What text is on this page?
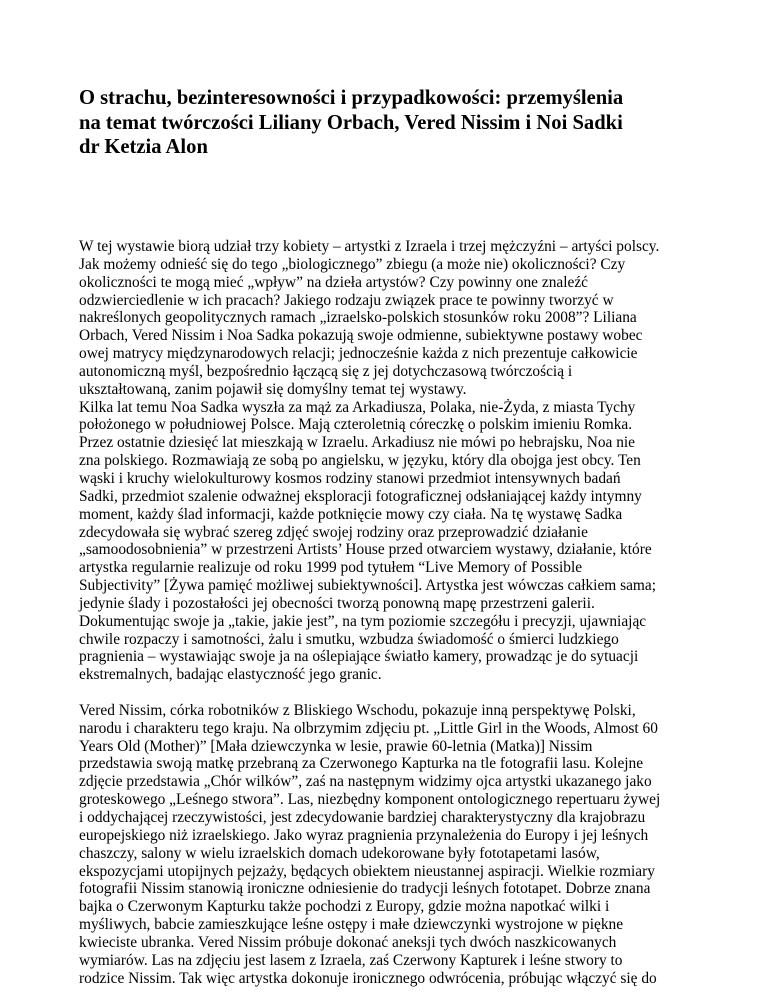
O strachu, bezinteresowności i przypadkowości: przemyślenia
na temat twórczości Liliany Orbach, Vered Nissim i Noi Sadki
dr Ketzia Alon

W tej wystawie biorą udział trzy kobiety – artystki z Izraela i trzej mężczyźni – artyści polscy.
Jak możemy odnieść się do tego „biologicznego” zbiegu (a może nie) okoliczności? Czy
okoliczności te mogą mieć „wpływ” na dzieła artystów? Czy powinny one znaleźć
odzwierciedlenie w ich pracach? Jakiego rodzaju związek prace te powinny tworzyć w
nakreślonych geopolitycznych ramach „izraelsko-polskich stosunków roku 2008”? Liliana
Orbach, Vered Nissim i Noa Sadka pokazują swoje odmienne, subiektywne postawy wobec
owej matrycy międzynarodowych relacji; jednocześnie każda z nich prezentuje całkowicie
autonomiczną myśl, bezpośrednio łączącą się z jej dotychczasową twórczością i
ukształtowaną, zanim pojawił się domyślny temat tej wystawy.

Kilka lat temu Noa Sadka wyszła za mąż za Arkadiusza, Polaka, nie-Żyda, z miasta Tychy
położonego w południowej Polsce. Mają czteroletnią córeczkę o polskim imieniu Romka.
Przez ostatnie dziesięć lat mieszkają w Izraelu. Arkadiusz nie mówi po hebrajsku, Noa nie
zna polskiego. Rozmawiają ze sobą po angielsku, w języku, który dla obojga jest obcy. Ten
wąski i kruchy wielokulturowy kosmos rodziny stanowi przedmiot intensywnych badań
Sadki, przedmiot szalenie odważnej eksploracji fotograficznej odsłaniającej każdy intymny
moment, każdy ślad informacji, każde potknięcie mowy czy ciała. Na tę wystawę Sadka
zdecydowała się wybrać szereg zdjęć swojej rodziny oraz przeprowadzić działanie
„samoodosobnienia” w przestrzeni Artists’ House przed otwarciem wystawy, działanie, które
artystka regularnie realizuje od roku 1999 pod tytułem “Live Memory of Possible
Subjectivity” [Żywa pamięć możliwej subiektywności]. Artystka jest wówczas całkiem sama;
jedynie ślady i pozostałości jej obecności tworzą ponowną mapę przestrzeni galerii.
Dokumentując swoje ja „takie, jakie jest”, na tym poziomie szczegółu i precyzji, ujawniając
chwile rozpaczy i samotności, żalu i smutku, wzbudza świadomość o śmierci ludzkiego
pragnienia – wystawiając swoje ja na oślepiające światło kamery, prowadząc je do sytuacji
ekstremalnych, badając elastyczność jego granic.

Vered Nissim, córka robotników z Bliskiego Wschodu, pokazuje inną perspektywę Polski,
narodu i charakteru tego kraju. Na olbrzymim zdjęciu pt. „Little Girl in the Woods, Almost 60
Years Old (Mother)” [Mała dziewczynka w lesie, prawie 60-letnia (Matka)] Nissim
przedstawia swoją matkę przebraną za Czerwonego Kapturka na tle fotografii lasu. Kolejne
zdjęcie przedstawia „Chór wilków”, zaś na następnym widzimy ojca artystki ukazanego jako
groteskowego „Leśnego stwora”. Las, niezbędny komponent ontologicznego repertuaru żywej
i oddychającej rzeczywistości, jest zdecydowanie bardziej charakterystyczny dla krajobrazu
europejskiego niż izraelskiego. Jako wyraz pragnienia przynależenia do Europy i jej leśnych
chaszczy, salony w wielu izraelskich domach udekorowane były fototapetami lasów,
ekspozycjami utopijnych pejzaży, będących obiektem nieustannej aspiracji. Wielkie rozmiary
fotografii Nissim stanowią ironiczne odniesienie do tradycji leśnych fototapet. Dobrze znana
bajka o Czerwonym Kapturku także pochodzi z Europy, gdzie można napotkać wilki i
myśliwych, babcie zamieszkujące leśne ostępy i małe dziewczynki wystrojone w piękne
kwieciste ubranka. Vered Nissim próbuje dokonać aneksji tych dwóch naszkicowanych
wymiarów. Las na zdjęciu jest lasem z Izraela, zaś Czerwony Kapturek i leśne stwory to
rodzice Nissim. Tak więc artystka dokonuje ironicznego odwrócenia, próbując włączyć się do
